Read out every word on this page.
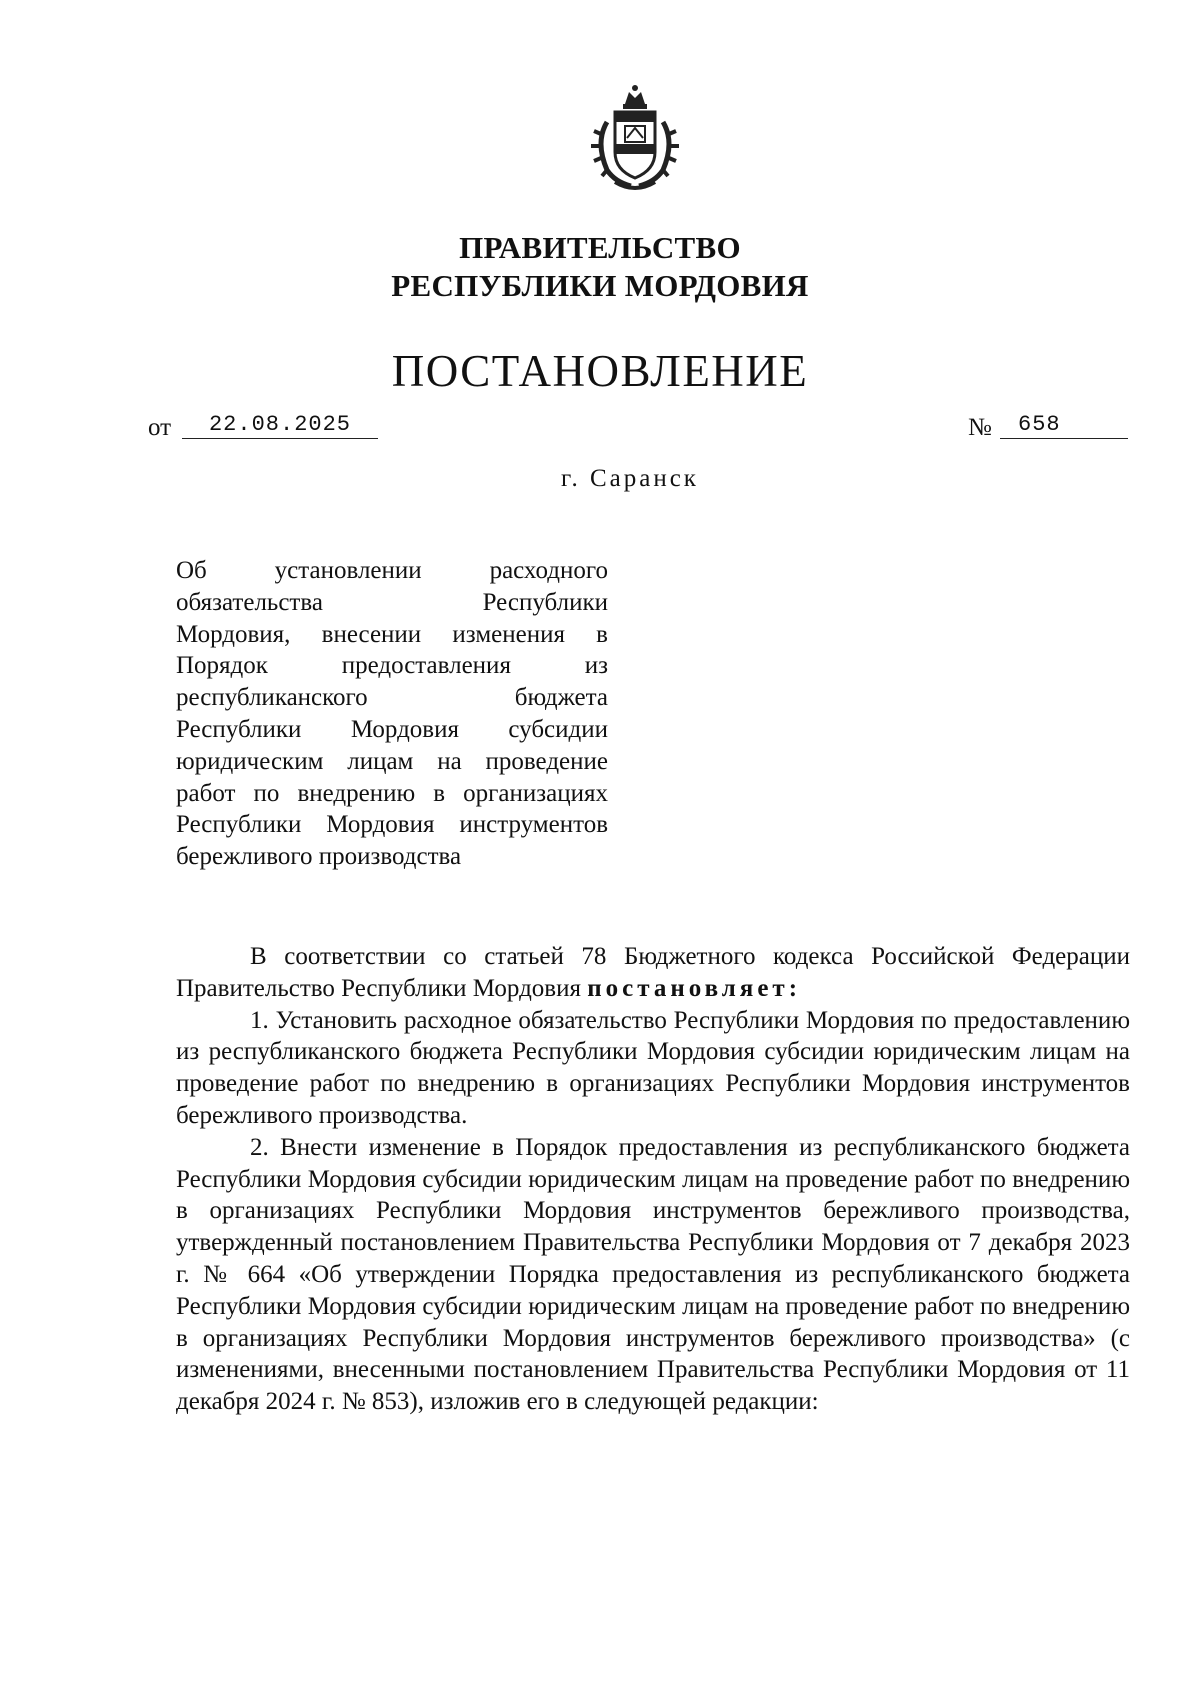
ПРАВИТЕЛЬСТВО
РЕСПУБЛИКИ МОРДОВИЯ
ПОСТАНОВЛЕНИЕ
от	22.08.2025	№	658
г. Саранск
Об установлении расходного
обязательства Республики
Мордовия, внесении изменения в
Порядок предоставления из
республиканского бюджета
Республики Мордовия субсидии
юридическим лицам на проведение
работ по внедрению в организациях
Республики Мордовия инструментов
бережливого производства

В соответствии со статьей 78 Бюджетного кодекса Российской Федерации Правительство Республики Мордовия постановляет:

1. Установить расходное обязательство Республики Мордовия по предоставлению из республиканского бюджета Республики Мордовия субсидии юридическим лицам на проведение работ по внедрению в организациях Республики Мордовия инструментов бережливого производства.

2. Внести изменение в Порядок предоставления из республиканского бюджета Республики Мордовия субсидии юридическим лицам на проведение работ по внедрению в организациях Республики Мордовия инструментов бережливого производства, утвержденный постановлением Правительства Республики Мордовия от 7 декабря 2023 г. № 664 «Об утверждении Порядка предоставления из республиканского бюджета Республики Мордовия субсидии юридическим лицам на проведение работ по внедрению в организациях Республики Мордовия инструментов бережливого производства» (с изменениями, внесенными постановлением Правительства Республики Мордовия от 11 декабря 2024 г. № 853), изложив его в следующей редакции:
